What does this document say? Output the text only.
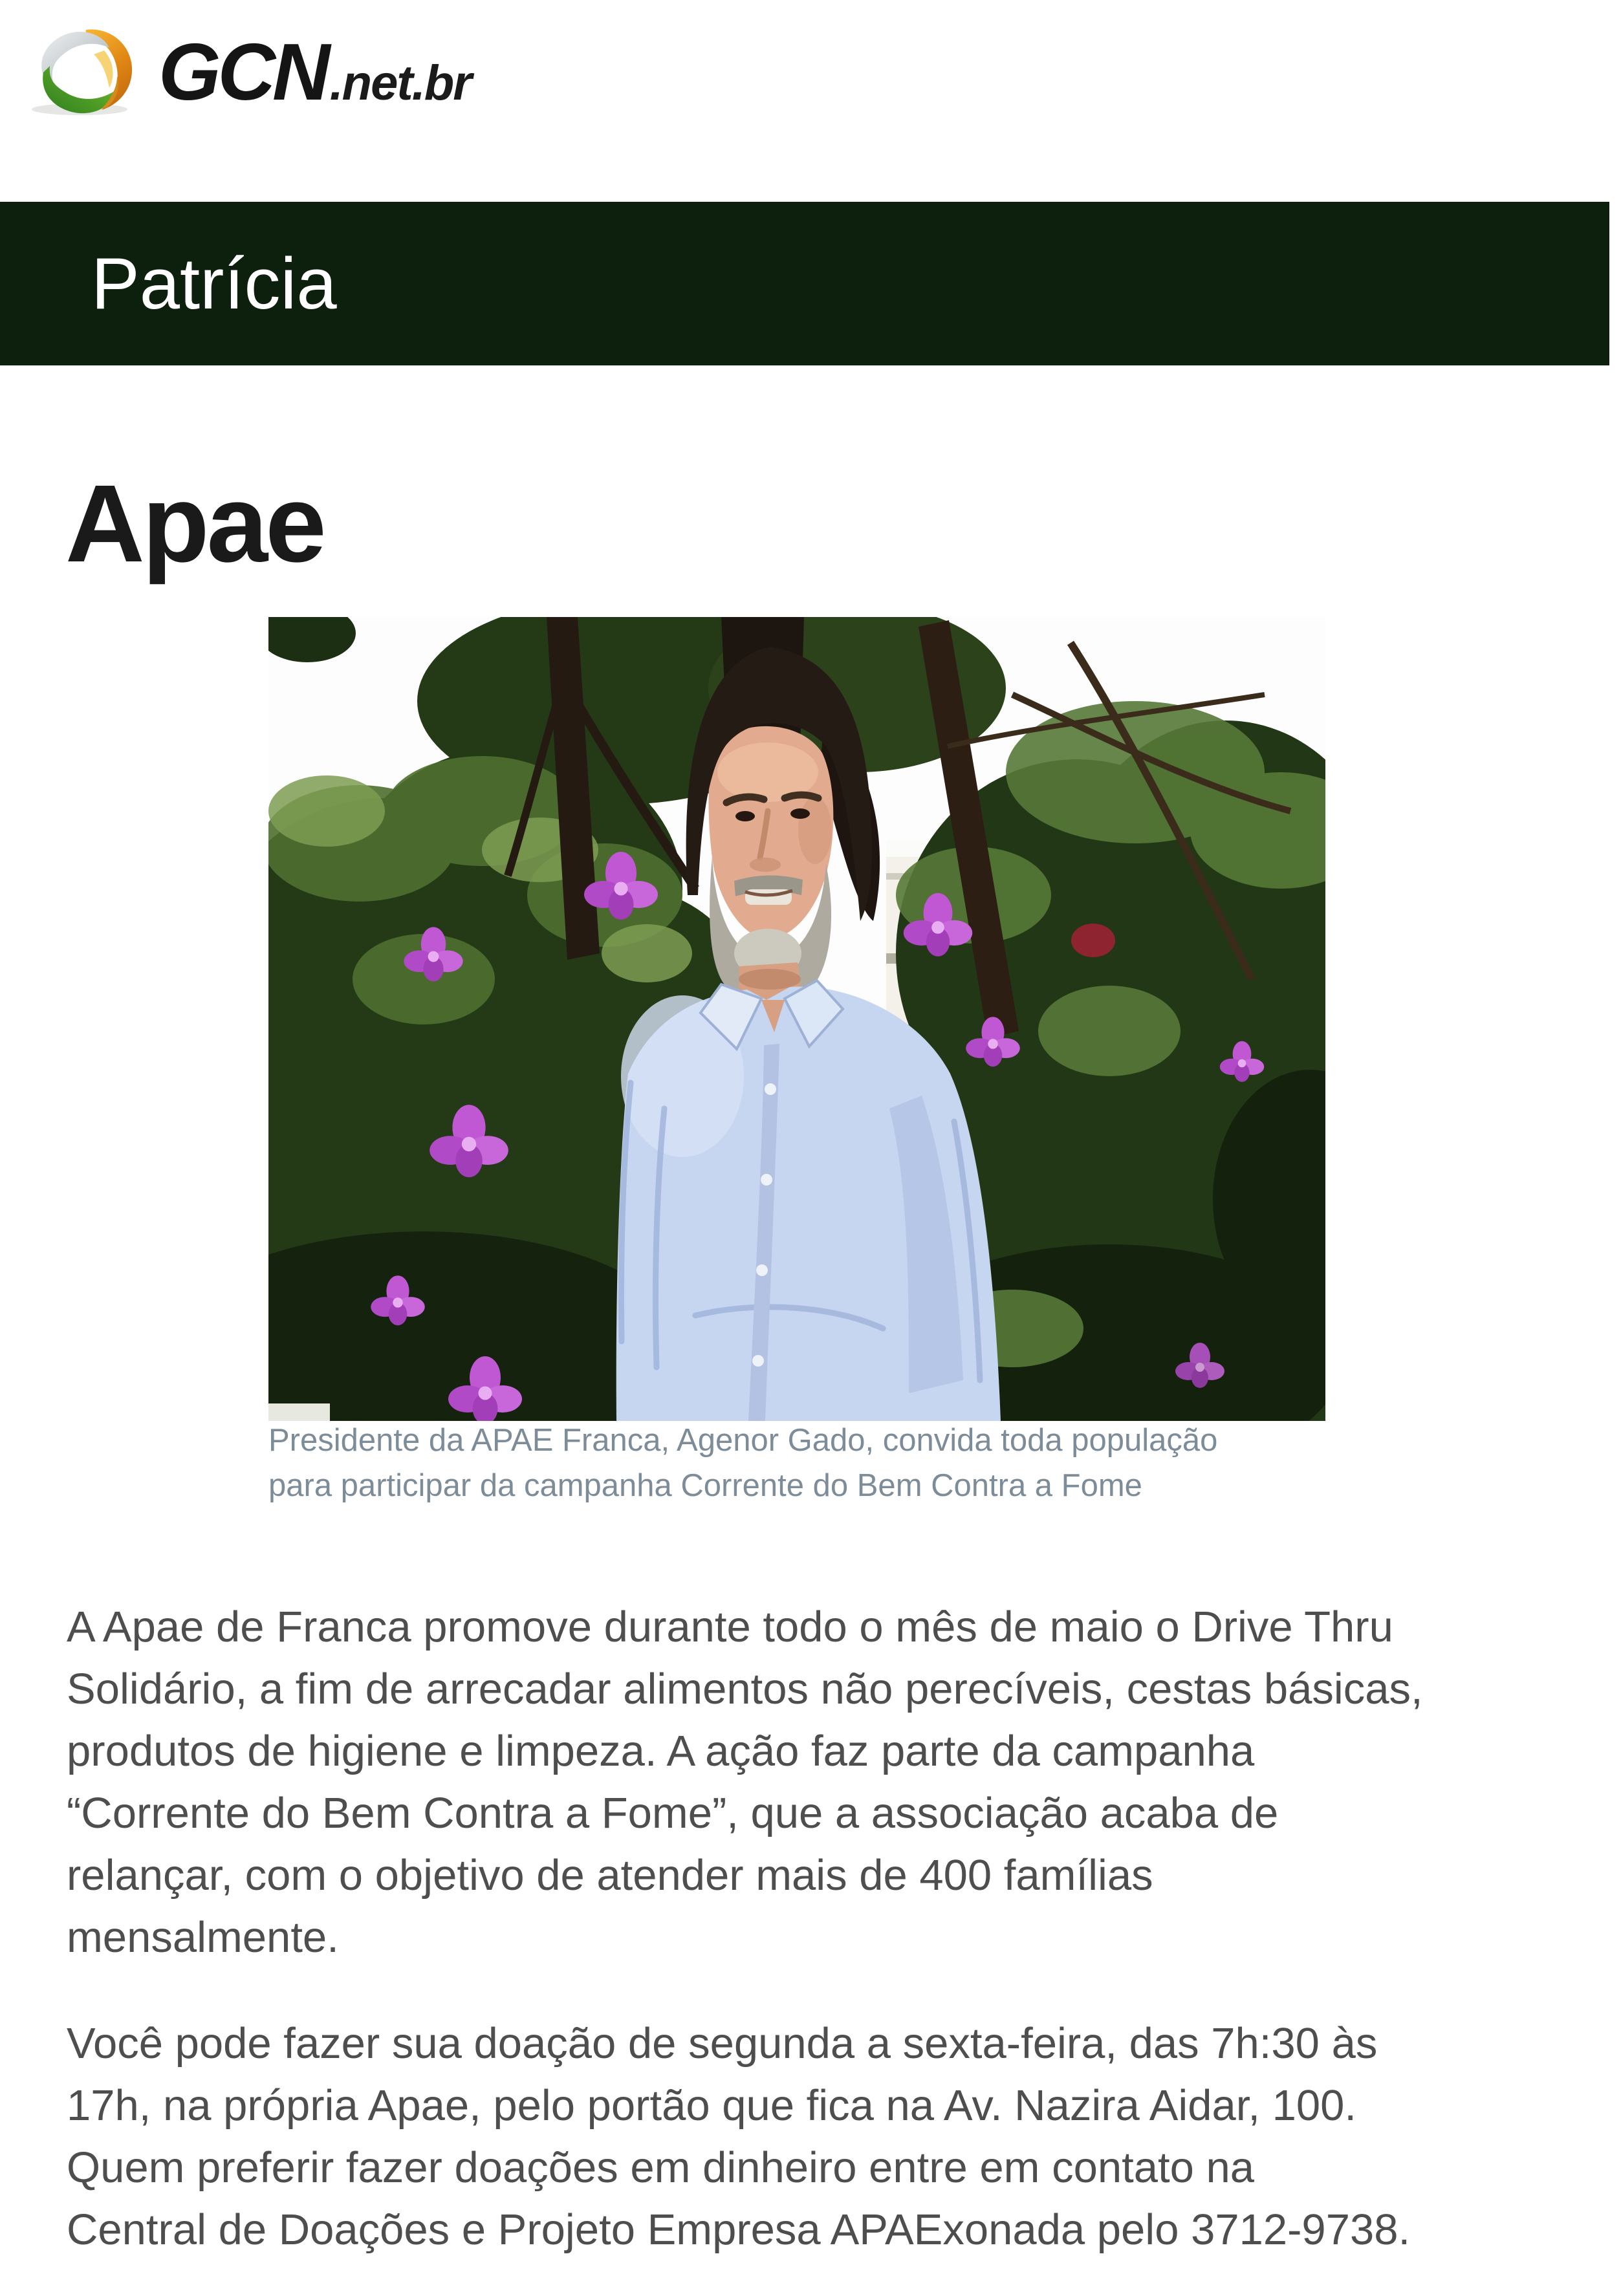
GCN .net.br
Patrícia
Apae
Presidente da APAE Franca, Agenor Gado, convida toda população
para participar da campanha Corrente do Bem Contra a Fome
A Apae de Franca promove durante todo o mês de maio o Drive Thru
Solidário, a fim de arrecadar alimentos não perecíveis, cestas básicas,
produtos de higiene e limpeza. A ação faz parte da campanha
“Corrente do Bem Contra a Fome”, que a associação acaba de
relançar, com o objetivo de atender mais de 400 famílias
mensalmente.
Você pode fazer sua doação de segunda a sexta-feira, das 7h:30 às
17h, na própria Apae, pelo portão que fica na Av. Nazira Aidar, 100.
Quem preferir fazer doações em dinheiro entre em contato na
Central de Doações e Projeto Empresa APAExonada pelo 3712-9738.
